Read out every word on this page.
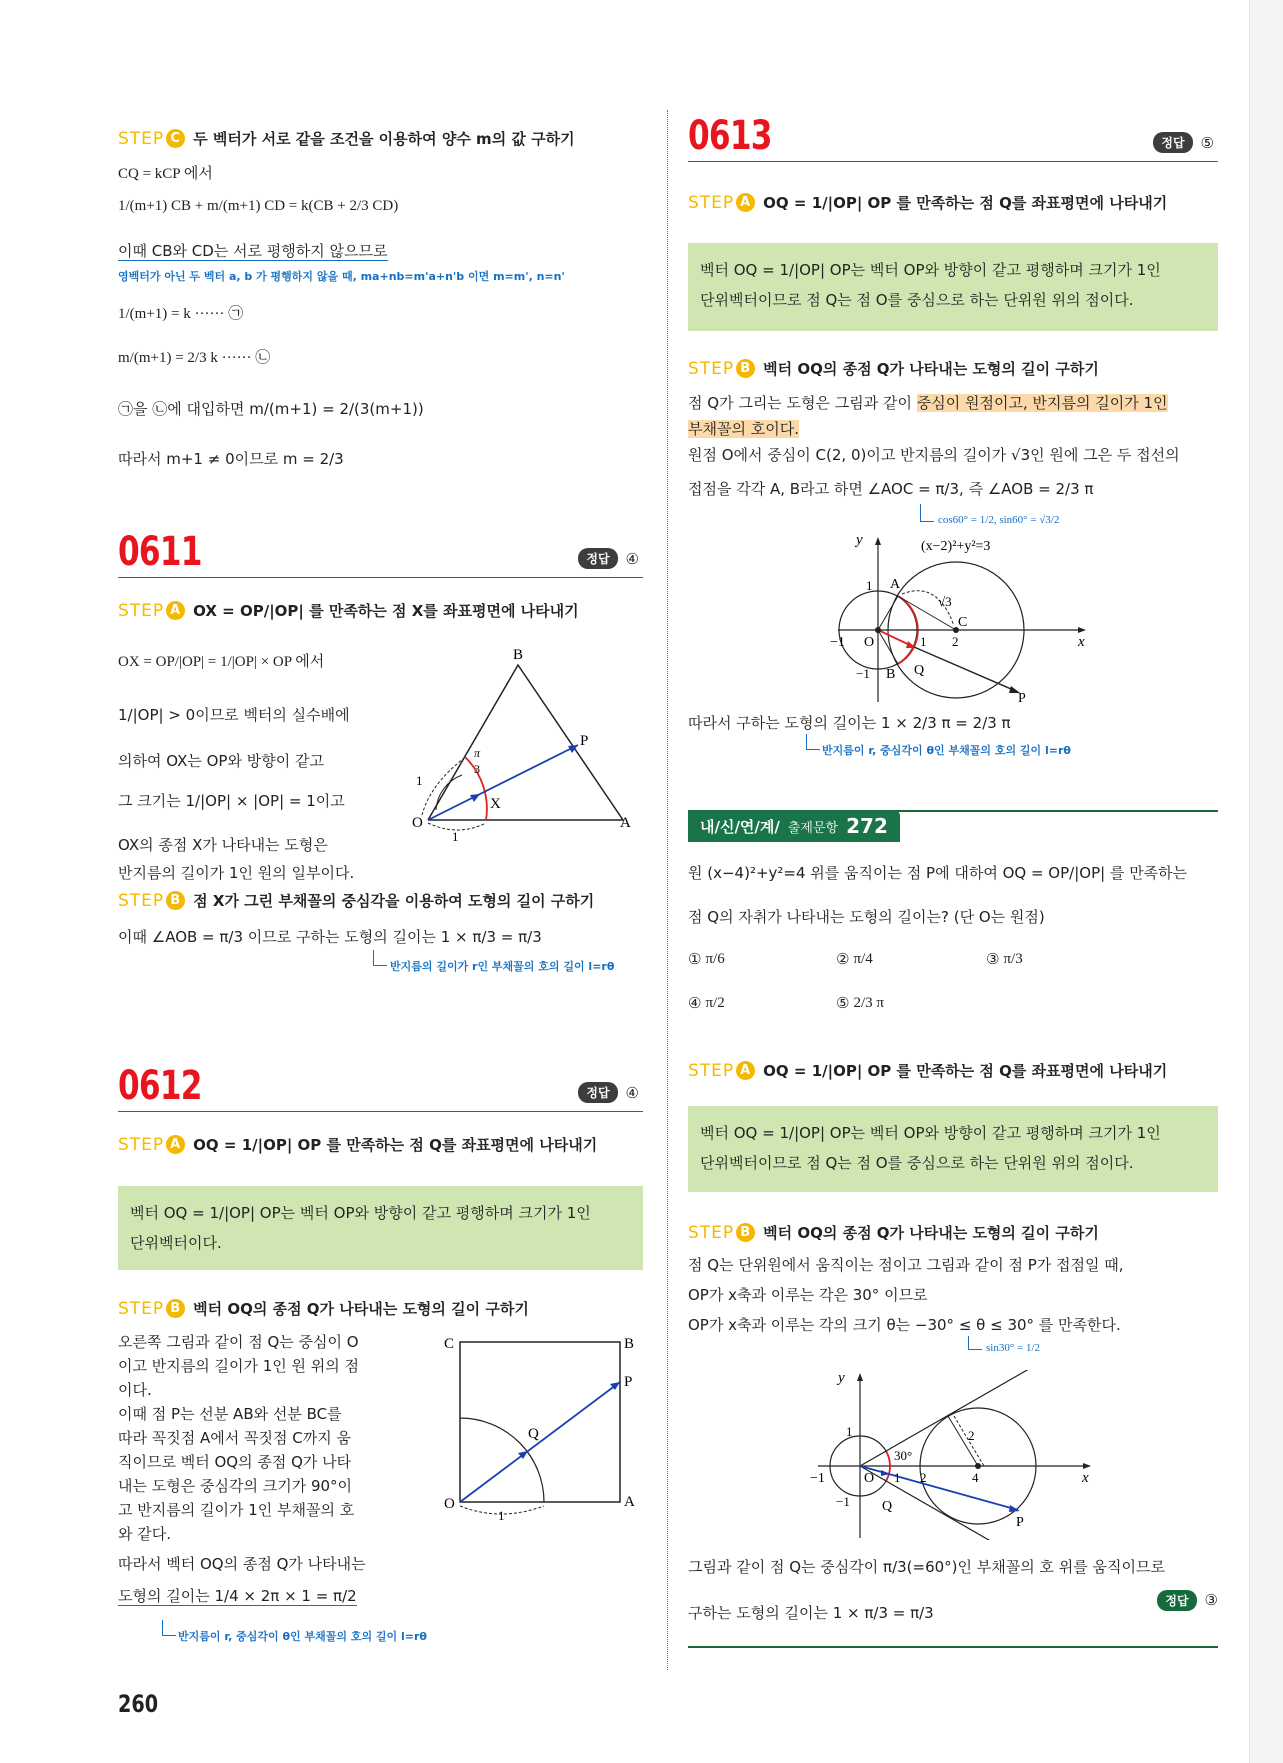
STEP C 두 벡터가 서로 같을 조건을 이용하여 양수 m의 값 구하기
CQ = kCP 에서
1/(m+1) CB + m/(m+1) CD = k(CB + 2/3 CD)
이때 CB와 CD는 서로 평행하지 않으므로
영벡터가 아닌 두 벡터 a, b 가 평행하지 않을 때, ma+nb=m'a+n'b 이면 m=m', n=n'
1/(m+1) = k ······ ㉠
m/(m+1) = 2/3 k ······ ㉡
㉠을 ㉡에 대입하면 m/(m+1) = 2/(3(m+1))
따라서 m+1 ≠ 0이므로 m = 2/3
0611	정답	④
STEP A OX = OP/|OP| 를 만족하는 점 X를 좌표평면에 나타내기
OX = OP/|OP| = 1/|OP| × OP 에서
1/|OP| > 0이므로 벡터의 실수배에
의하여 OX는 OP와 방향이 같고
그 크기는 1/|OP| × |OP| = 1이고
OX의 종점 X가 나타내는 도형은
반지름의 길이가 1인 원의 일부이다.
B
P
X
O	A
1
1
π
3
STEP B 점 X가 그린 부채꼴의 중심각을 이용하여 도형의 길이 구하기
이때 ∠AOB = π/3 이므로 구하는 도형의 길이는 1 × π/3 = π/3
반지름의 길이가 r인 부채꼴의 호의 길이 l=rθ
0612	정답	④
STEP A OQ = 1/|OP| OP 를 만족하는 점 Q를 좌표평면에 나타내기
벡터 OQ = 1/|OP| OP는 벡터 OP와 방향이 같고 평행하며 크기가 1인
단위벡터이다.
STEP B 벡터 OQ의 종점 Q가 나타내는 도형의 길이 구하기
오른쪽 그림과 같이 점 Q는 중심이 O
이고 반지름의 길이가 1인 원 위의 점
이다.
이때 점 P는 선분 AB와 선분 BC를
따라 꼭짓점 A에서 꼭짓점 C까지 움
직이므로 벡터 OQ의 종점 Q가 나타
내는 도형은 중심각의 크기가 90°이
고 반지름의 길이가 1인 부채꼴의 호
와 같다.
따라서 벡터 OQ의 종점 Q가 나타내는
도형의 길이는 1/4 × 2π × 1 = π/2
반지름이 r, 중심각이 θ인 부채꼴의 호의 길이 l=rθ
C	B
P
Q
O	A
1
260
0613	정답	⑤
STEP A OQ = 1/|OP| OP 를 만족하는 점 Q를 좌표평면에 나타내기
벡터 OQ = 1/|OP| OP는 벡터 OP와 방향이 같고 평행하며 크기가 1인
단위벡터이므로 점 Q는 점 O를 중심으로 하는 단위원 위의 점이다.
STEP B 벡터 OQ의 종점 Q가 나타내는 도형의 길이 구하기
점 Q가 그리는 도형은 그림과 같이 중심이 원점이고, 반지름의 길이가 1인
부채꼴의 호이다.
원점 O에서 중심이 C(2, 0)이고 반지름의 길이가 √3인 원에 그은 두 접선의
접점을 각각 A, B라고 하면 ∠AOC = π/3, 즉 ∠AOB = 2/3 π
cos60° = 1/2, sin60° = √3/2
y
x
(x−2)²+y²=3
1 A
−1 O	1 2
C
√3
−1 B Q
P
따라서 구하는 도형의 길이는 1 × 2/3 π = 2/3 π
반지름이 r, 중심각이 θ인 부채꼴의 호의 길이 l=rθ
내/신/연/계/ 출제문항 272
원 (x−4)²+y²=4 위를 움직이는 점 P에 대하여 OQ = OP/|OP| 를 만족하는
점 Q의 자취가 나타내는 도형의 길이는? (단 O는 원점)
① π/6	② π/4	③ π/3
④ π/2	⑤ 2/3 π
STEP A OQ = 1/|OP| OP 를 만족하는 점 Q를 좌표평면에 나타내기
벡터 OQ = 1/|OP| OP는 벡터 OP와 방향이 같고 평행하며 크기가 1인
단위벡터이므로 점 Q는 점 O를 중심으로 하는 단위원 위의 점이다.
STEP B 벡터 OQ의 종점 Q가 나타내는 도형의 길이 구하기
점 Q는 단위원에서 움직이는 점이고 그림과 같이 점 P가 접점일 때,
OP가 x축과 이루는 각은 30° 이므로
OP가 x축과 이루는 각의 크기 θ는 −30° ≤ θ ≤ 30° 를 만족한다.
sin30° = 1/2
y
x
1
30°
2
−1	O 1 2	4
−1 Q
P
그림과 같이 점 Q는 중심각이 π/3(=60°)인 부채꼴의 호 위를 움직이므로
구하는 도형의 길이는 1 × π/3 = π/3
정답	③
